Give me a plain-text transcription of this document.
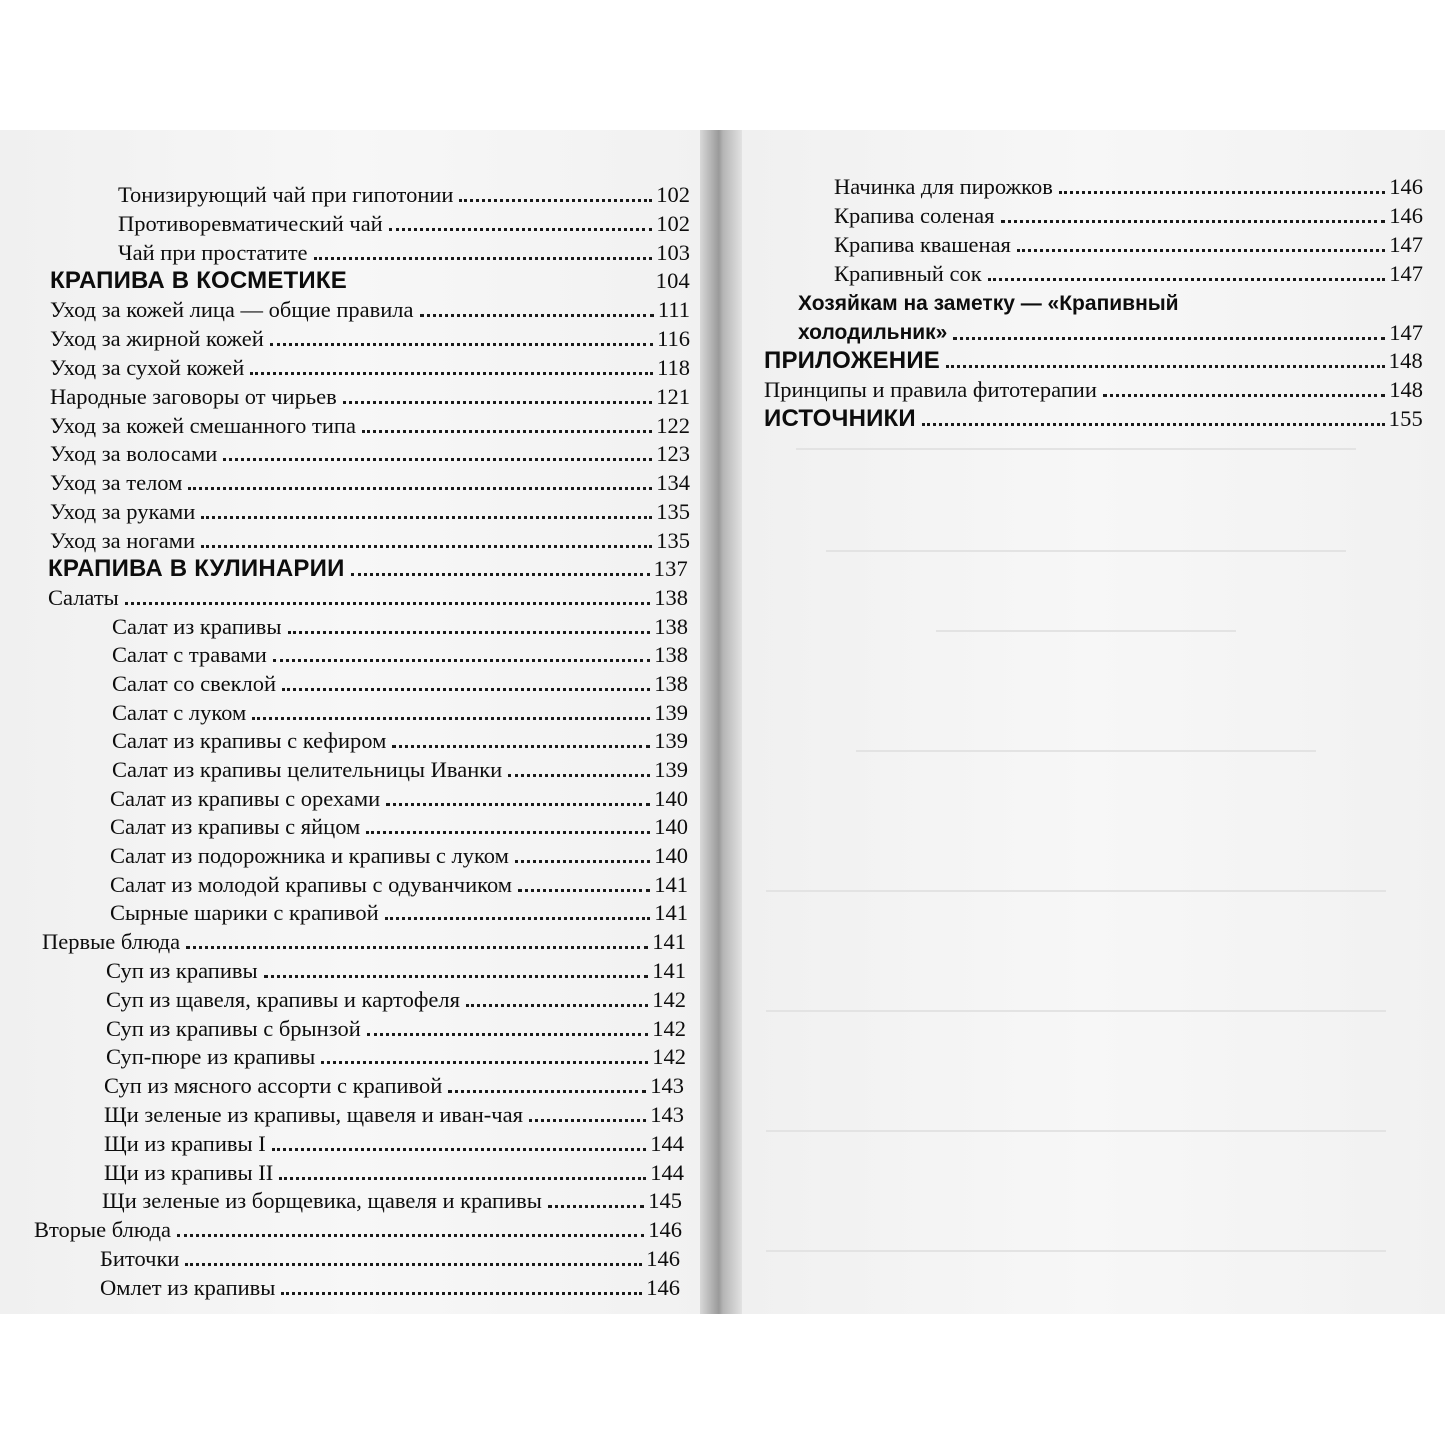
Тонизирующий чай при гипотонии	102
Противоревматический чай	102
Чай при простатите	103
КРАПИВА В КОСМЕТИКЕ	104
Уход за кожей лица — общие правила	111
Уход за жирной кожей	116
Уход за сухой кожей	118
Народные заговоры от чирьев	121
Уход за кожей смешанного типа	122
Уход за волосами	123
Уход за телом	134
Уход за руками	135
Уход за ногами	135
КРАПИВА В КУЛИНАРИИ	137
Салаты	138
Салат из крапивы	138
Салат с травами	138
Салат со свеклой	138
Салат с луком	139
Салат из крапивы с кефиром	139
Салат из крапивы целительницы Иванки	139
Салат из крапивы с орехами	140
Салат из крапивы с яйцом	140
Салат из подорожника и крапивы с луком	140
Салат из молодой крапивы с одуванчиком	141
Сырные шарики с крапивой	141
Первые блюда	141
Суп из крапивы	141
Суп из щавеля, крапивы и картофеля	142
Суп из крапивы с брынзой	142
Суп-пюре из крапивы	142
Суп из мясного ассорти с крапивой	143
Щи зеленые из крапивы, щавеля и иван-чая	143
Щи из крапивы I	144
Щи из крапивы II	144
Щи зеленые из борщевика, щавеля и крапивы	145
Вторые блюда	146
Биточки	146
Омлет из крапивы	146
Начинка для пирожков	146
Крапива соленая	146
Крапива квашеная	147
Крапивный сок	147
Хозяйкам на заметку — «Крапивный
холодильник»	147
ПРИЛОЖЕНИЕ	148
Принципы и правила фитотерапии	148
ИСТОЧНИКИ	155
